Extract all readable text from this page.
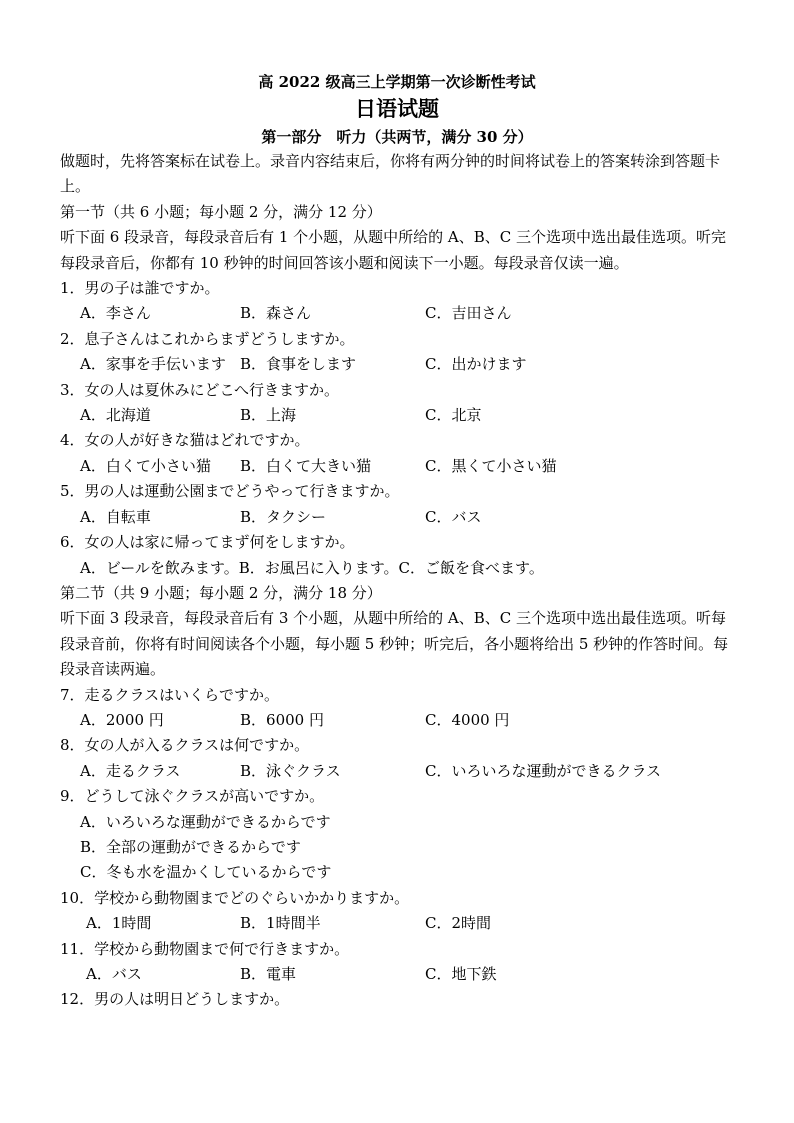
高 2022 级高三上学期第一次诊断性考试
日语试题
第一部分　听力（共两节，满分 30 分）
做题时，先将答案标在试卷上。录音内容结束后，你将有两分钟的时间将试卷上的答案转涂到答题卡上。
第一节（共 6 小题；每小题 2 分，满分 12 分）
听下面 6 段录音，每段录音后有 1 个小题，从题中所给的 A、B、C 三个选项中选出最佳选项。听完每段录音后，你都有 10 秒钟的时间回答该小题和阅读下一小题。每段录音仅读一遍。
1．男の子は誰ですか。
A．李さん	B．森さん	C．吉田さん
2．息子さんはこれからまずどうしますか。
A．家事を手伝います B．食事をします	C．出かけます
3．女の人は夏休みにどこへ行きますか。
A．北海道	B．上海	C．北京
4．女の人が好きな猫はどれですか。
A．白くて小さい猫	B．白くて大きい猫	C．黒くて小さい猫
5．男の人は運動公園までどうやって行きますか。
A．自転車	B．タクシー	C．バス
6．女の人は家に帰ってまず何をしますか。
A．ビールを飲みます。B．お風呂に入ります。C．ご飯を食べます。
第二节（共 9 小题；每小题 2 分，满分 18 分）
听下面 3 段录音，每段录音后有 3 个小题，从题中所给的 A、B、C 三个选项中选出最佳选项。听每段录音前，你将有时间阅读各个小题，每小题 5 秒钟；听完后，各小题将给出 5 秒钟的作答时间。每段录音读两遍。
7．走るクラスはいくらですか。
A．2000 円	B．6000 円	C．4000 円
8．女の人が入るクラスは何ですか。
A．走るクラス	B．泳ぐクラス	C．いろいろな運動ができるクラス
9．どうして泳ぐクラスが高いですか。
A．いろいろな運動ができるからです
B．全部の運動ができるからです
C．冬も水を温かくしているからです
10．学校から動物園までどのぐらいかかりますか。
A．1時間	B．1時間半	C．2時間
11．学校から動物園まで何で行きますか。
A．バス	B．電車	C．地下鉄
12．男の人は明日どうしますか。
